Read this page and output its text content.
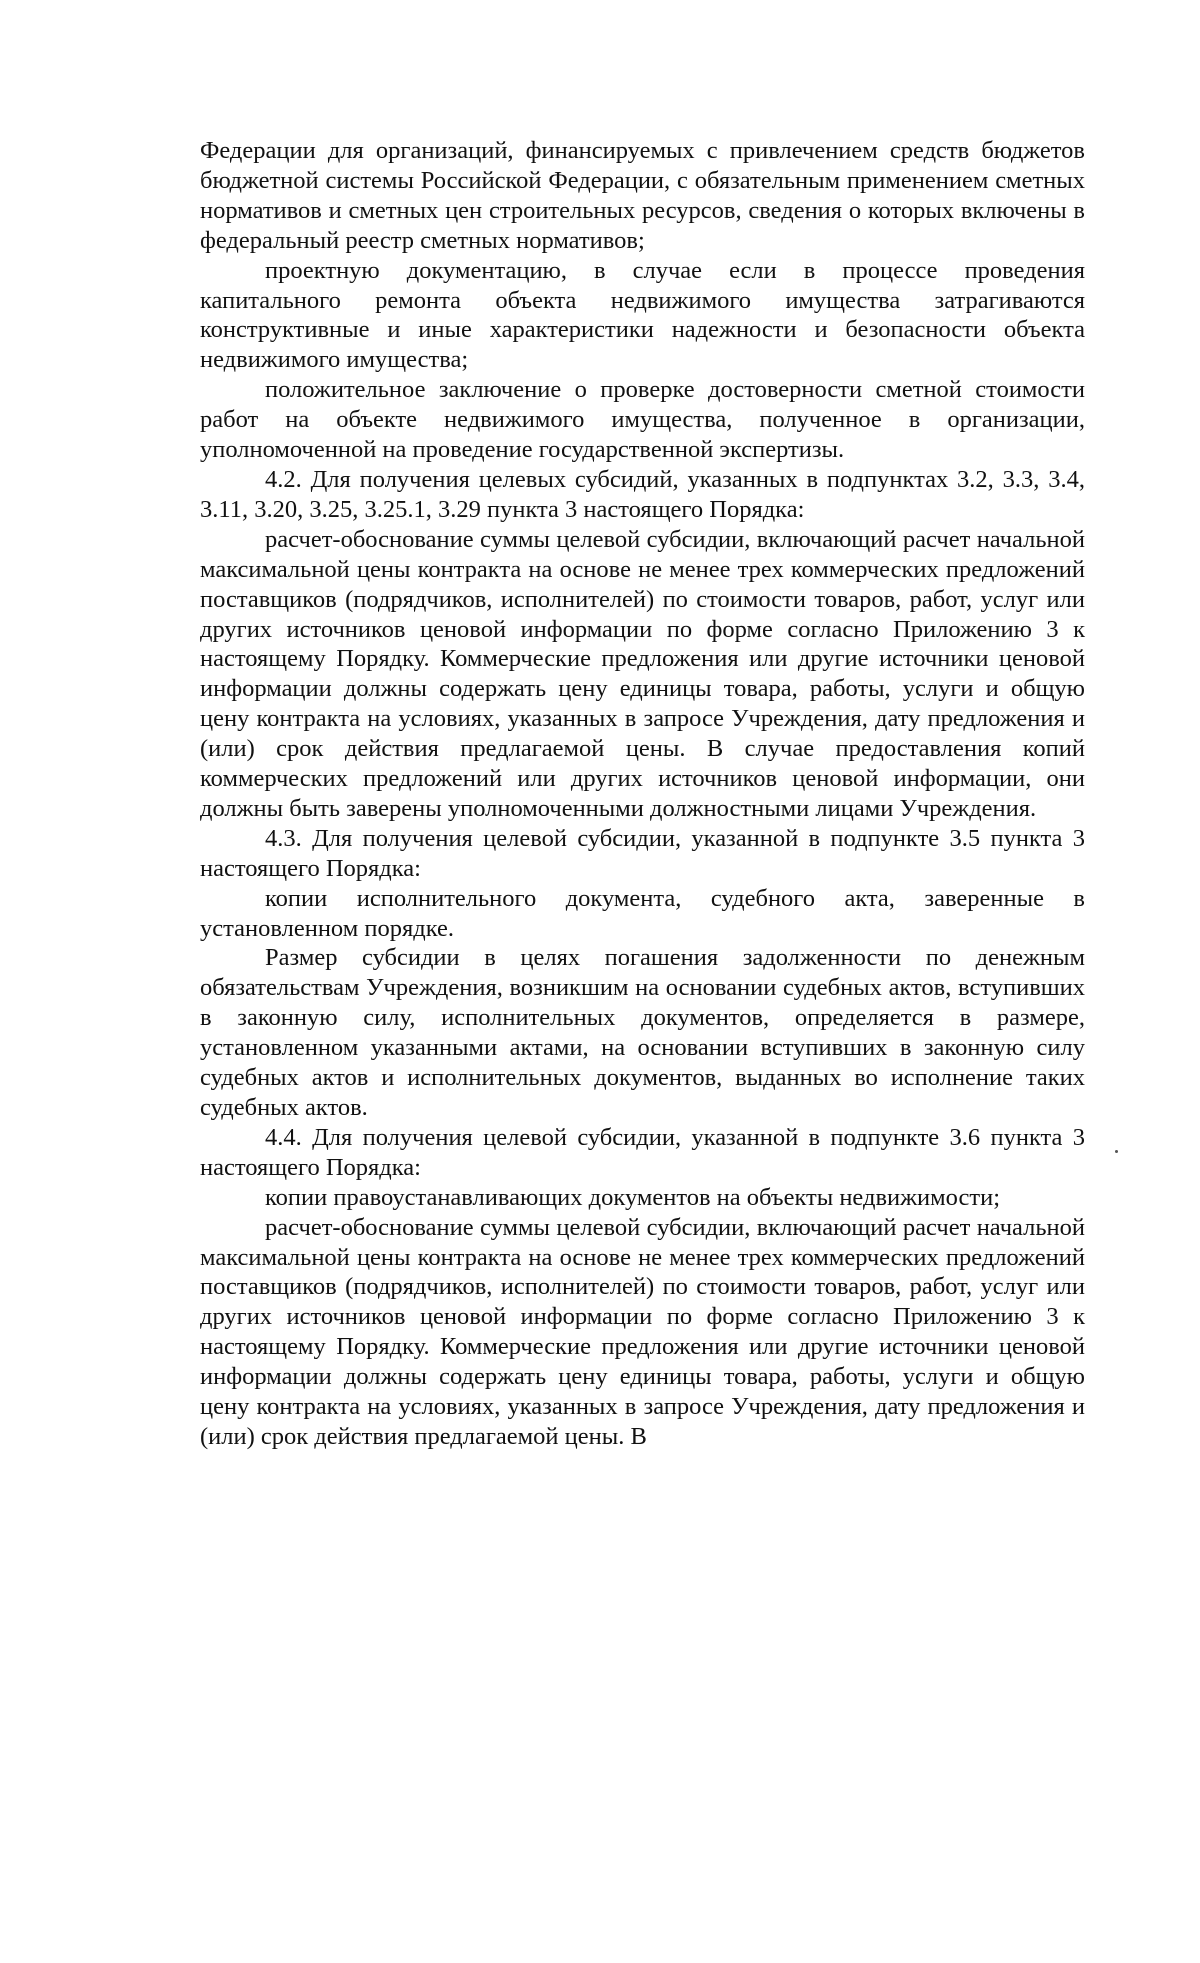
Федерации для организаций, финансируемых с привлечением средств бюджетов бюджетной системы Российской Федерации, с обязательным применением сметных нормативов и сметных цен строительных ресурсов, сведения о которых включены в федеральный реестр сметных нормативов;

проектную документацию, в случае если в процессе проведения капитального ремонта объекта недвижимого имущества затрагиваются конструктивные и иные характеристики надежности и безопасности объекта недвижимого имущества;

положительное заключение о проверке достоверности сметной стоимости работ на объекте недвижимого имущества, полученное в организации, уполномоченной на проведение государственной экспертизы.

4.2. Для получения целевых субсидий, указанных в подпунктах 3.2, 3.3, 3.4, 3.11, 3.20, 3.25, 3.25.1, 3.29 пункта 3 настоящего Порядка:

расчет-обоснование суммы целевой субсидии, включающий расчет начальной максимальной цены контракта на основе не менее трех коммерческих предложений поставщиков (подрядчиков, исполнителей) по стоимости товаров, работ, услуг или других источников ценовой информации по форме согласно Приложению 3 к настоящему Порядку. Коммерческие предложения или другие источники ценовой информации должны содержать цену единицы товара, работы, услуги и общую цену контракта на условиях, указанных в запросе Учреждения, дату предложения и (или) срок действия предлагаемой цены. В случае предоставления копий коммерческих предложений или других источников ценовой информации, они должны быть заверены уполномоченными должностными лицами Учреждения.

4.3. Для получения целевой субсидии, указанной в подпункте 3.5 пункта 3 настоящего Порядка:

копии исполнительного документа, судебного акта, заверенные в установленном порядке.

Размер субсидии в целях погашения задолженности по денежным обязательствам Учреждения, возникшим на основании судебных актов, вступивших в законную силу, исполнительных документов, определяется в размере, установленном указанными актами, на основании вступивших в законную силу судебных актов и исполнительных документов, выданных во исполнение таких судебных актов.

4.4. Для получения целевой субсидии, указанной в подпункте 3.6 пункта 3 настоящего Порядка:

копии правоустанавливающих документов на объекты недвижимости;

расчет-обоснование суммы целевой субсидии, включающий расчет начальной максимальной цены контракта на основе не менее трех коммерческих предложений поставщиков (подрядчиков, исполнителей) по стоимости товаров, работ, услуг или других источников ценовой информации по форме согласно Приложению 3 к настоящему Порядку. Коммерческие предложения или другие источники ценовой информации должны содержать цену единицы товара, работы, услуги и общую цену контракта на условиях, указанных в запросе Учреждения, дату предложения и (или) срок действия предлагаемой цены. В
